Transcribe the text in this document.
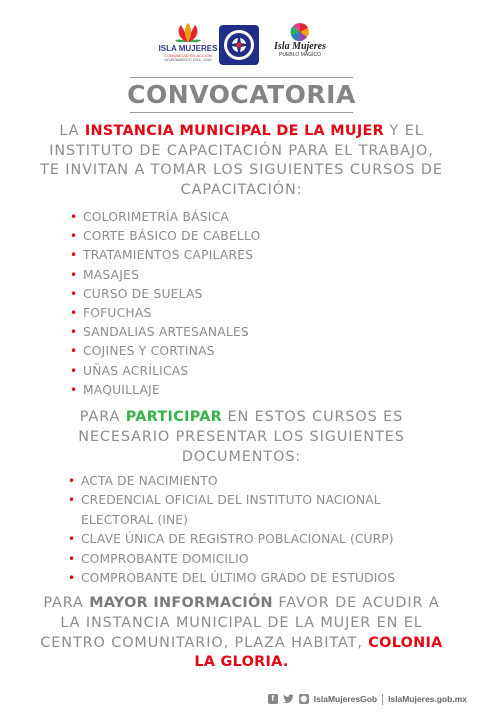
ISLA MUJERES
COMUNIDAD EN ACCIÓN
AYUNTAMIENTO 2016 - 2018
Isla Mujeres
PUEBLO MÁGICO
CONVOCATORIA
LA INSTANCIA MUNICIPAL DE LA MUJER Y EL INSTITUTO DE CAPACITACIÓN PARA EL TRABAJO, TE INVITAN A TOMAR LOS SIGUIENTES CURSOS DE CAPACITACIÓN:
• COLORIMETRÍA BÁSICA
• CORTE BÁSICO DE CABELLO
• TRATAMIENTOS CAPILARES
• MASAJES
• CURSO DE SUELAS
• FOFUCHAS
• SANDALIAS ARTESANALES
• COJINES Y CORTINAS
• UÑAS ACRÍLICAS
• MAQUILLAJE
PARA PARTICIPAR EN ESTOS CURSOS ES NECESARIO PRESENTAR LOS SIGUIENTES DOCUMENTOS:
• ACTA DE NACIMIENTO
• CREDENCIAL OFICIAL DEL INSTITUTO NACIONAL
ELECTORAL (INE)
• CLAVE ÚNICA DE REGISTRO POBLACIONAL (CURP)
• COMPROBANTE DOMICILIO
• COMPROBANTE DEL ÚLTIMO GRADO DE ESTUDIOS
PARA MAYOR INFORMACIÓN FAVOR DE ACUDIR A LA INSTANCIA MUNICIPAL DE LA MUJER EN EL CENTRO COMUNITARIO, PLAZA HABITAT, COLONIA LA GLORIA.
f	◉ IslaMujeresGob IslaMujeres.gob.mx
